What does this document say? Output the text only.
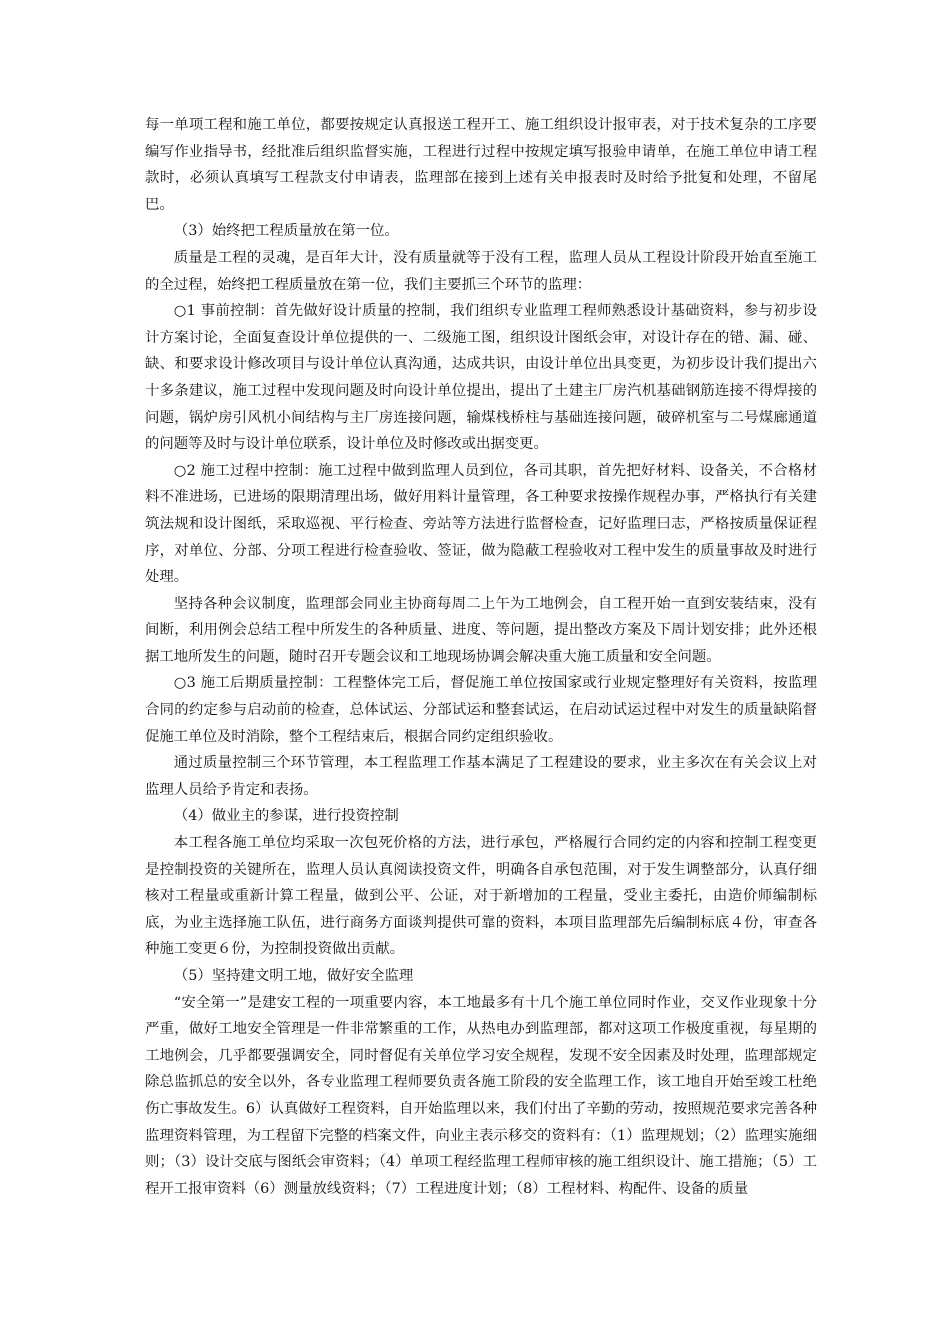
每一单项工程和施工单位，都要按规定认真报送工程开工、施工组织设计报审表，对于技术复杂的工序要编写作业指导书，经批准后组织监督实施，工程进行过程中按规定填写报验申请单，在施工单位申请工程款时，必须认真填写工程款支付申请表，监理部在接到上述有关申报表时及时给予批复和处理，不留尾巴。

（3）始终把工程质量放在第一位。

质量是工程的灵魂，是百年大计，没有质量就等于没有工程，监理人员从工程设计阶段开始直至施工的全过程，始终把工程质量放在第一位，我们主要抓三个环节的监理：

○1 事前控制：首先做好设计质量的控制，我们组织专业监理工程师熟悉设计基础资料，参与初步设计方案讨论，全面复查设计单位提供的一、二级施工图，组织设计图纸会审，对设计存在的错、漏、碰、缺、和要求设计修改项目与设计单位认真沟通，达成共识，由设计单位出具变更，为初步设计我们提出六十多条建议，施工过程中发现问题及时向设计单位提出，提出了土建主厂房汽机基础钢筋连接不得焊接的问题，锅炉房引风机小间结构与主厂房连接问题，输煤栈桥柱与基础连接问题，破碎机室与二号煤廊通道的问题等及时与设计单位联系，设计单位及时修改或出据变更。

○2 施工过程中控制：施工过程中做到监理人员到位，各司其职，首先把好材料、设备关，不合格材料不准进场，已进场的限期清理出场，做好用料计量管理，各工种要求按操作规程办事，严格执行有关建筑法规和设计图纸，采取巡视、平行检查、旁站等方法进行监督检查，记好监理曰志，严格按质量保证程序，对单位、分部、分项工程进行检查验收、签证，做为隐蔽工程验收对工程中发生的质量事故及时进行处理。

坚持各种会议制度，监理部会同业主协商每周二上午为工地例会，自工程开始一直到安装结束，没有间断，利用例会总结工程中所发生的各种质量、进度、等问题，提出整改方案及下周计划安排；此外还根据工地所发生的问题，随时召开专题会议和工地现场协调会解决重大施工质量和安全问题。

○3 施工后期质量控制：工程整体完工后，督促施工单位按国家或行业规定整理好有关资料，按监理合同的约定参与启动前的检查，总体试运、分部试运和整套试运，在启动试运过程中对发生的质量缺陷督促施工单位及时消除，整个工程结束后，根据合同约定组织验收。

通过质量控制三个环节管理，本工程监理工作基本满足了工程建设的要求，业主多次在有关会议上对监理人员给予肯定和表扬。

（4）做业主的参谋，进行投资控制

本工程各施工单位均采取一次包死价格的方法，进行承包，严格履行合同约定的内容和控制工程变更是控制投资的关键所在，监理人员认真阅读投资文件，明确各自承包范围，对于发生调整部分，认真仔细核对工程量或重新计算工程量，做到公平、公证，对于新增加的工程量，受业主委托，由造价师编制标底，为业主选择施工队伍，进行商务方面谈判提供可靠的资料，本项目监理部先后编制标底４份，审查各种施工变更６份，为控制投资做出贡献。

（5）坚持建文明工地，做好安全监理

“安全第一”是建安工程的一项重要内容，本工地最多有十几个施工单位同时作业，交叉作业现象十分严重，做好工地安全管理是一件非常繁重的工作，从热电办到监理部，都对这项工作极度重视，每星期的工地例会，几乎都要强调安全，同时督促有关单位学习安全规程，发现不安全因素及时处理，监理部规定除总监抓总的安全以外，各专业监理工程师要负责各施工阶段的安全监理工作，该工地自开始至竣工杜绝伤亡事故发生。6）认真做好工程资料，自开始监理以来，我们付出了辛勤的劳动，按照规范要求完善各种监理资料管理，为工程留下完整的档案文件，向业主表示移交的资料有：（1）监理规划；（2）监理实施细则；（3）设计交底与图纸会审资料；（4）单项工程经监理工程师审核的施工组织设计、施工措施；（5）工程开工报审资料（6）测量放线资料；（7）工程进度计划；（8）工程材料、构配件、设备的质量
